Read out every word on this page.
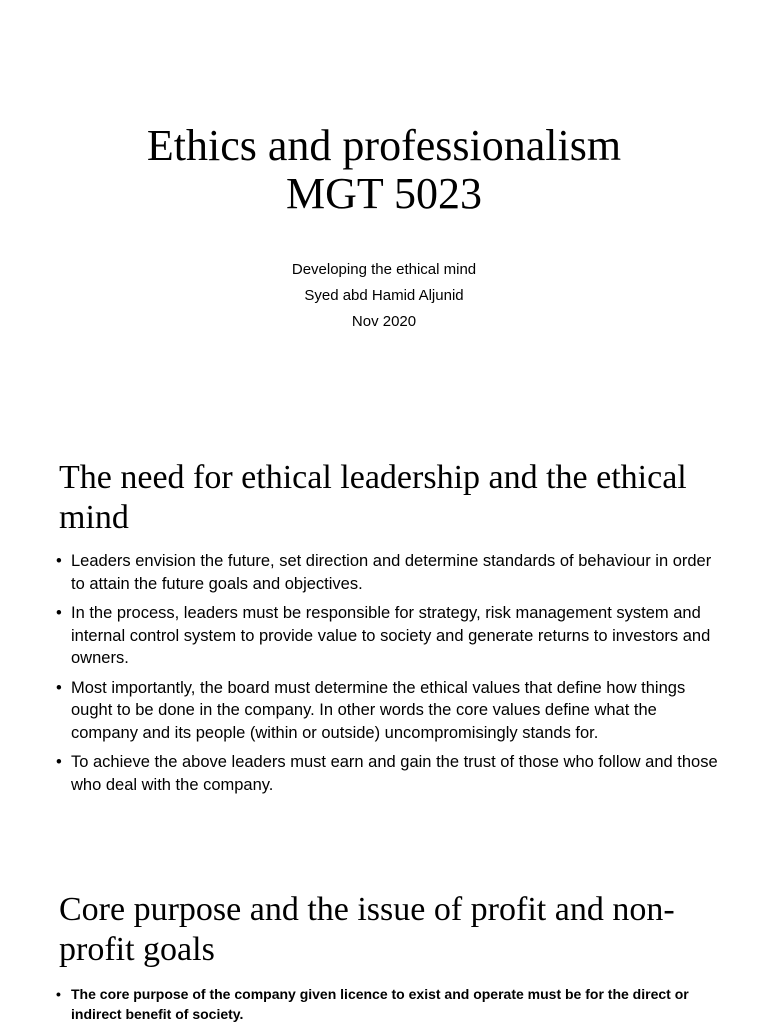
Ethics and professionalism
MGT 5023
Developing the ethical mind
Syed abd Hamid Aljunid
Nov 2020
The need for ethical leadership and the ethical mind
• Leaders envision the future, set direction and determine standards of behaviour in order to attain the future goals and objectives.
• In the process, leaders must be responsible for strategy, risk management system and internal control system to provide value to society and generate returns to investors and owners.
• Most importantly, the board must determine the ethical values that define how things ought to be done in the company. In other words the core values define what the company and its people (within or outside) uncompromisingly stands for.
• To achieve the above leaders must earn and gain the trust of those who follow and those who deal with the company.
Core purpose and the issue of profit and non-profit goals
• The core purpose of the company given licence to exist and operate must be for the direct or indirect benefit of society.
